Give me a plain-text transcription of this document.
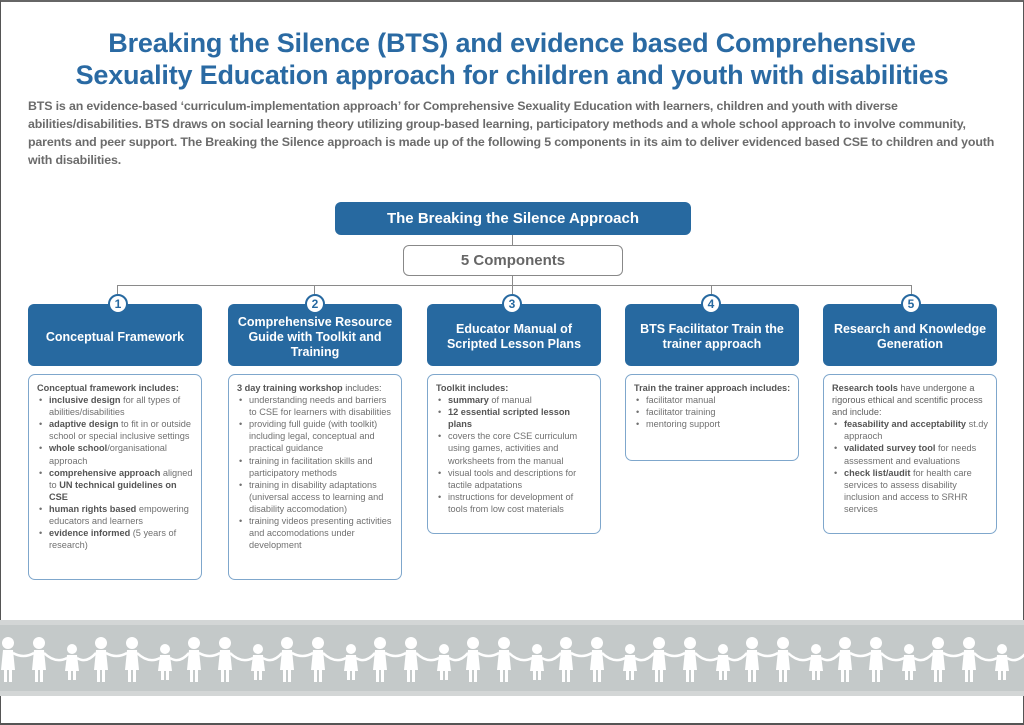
Breaking the Silence (BTS) and evidence based Comprehensive
Sexuality Education approach for children and youth with disabilities

BTS is an evidence-based ‘curriculum-implementation approach’ for Comprehensive Sexuality Education with learners, children and youth with diverse abilities/disabilities. BTS draws on social learning theory utilizing group-based learning, participatory methods and a whole school approach to involve community, parents and peer support. The Breaking the Silence approach is made up of the following 5 components in its aim to deliver evidenced based CSE to children and youth with disabilities.

The Breaking the Silence Approach
5 Components
Conceptual Framework
1
Conceptual framework includes:
• inclusive design for all types of abilities/disabilities
• adaptive design to fit in or outside school or special inclusive settings
• whole school/organisational approach
• comprehensive approach aligned to UN technical guidelines on CSE
• human rights based empowering educators and learners
• evidence informed (5 years of research)
Comprehensive Resource Guide with Toolkit and Training
2
3 day training workshop includes:
• understanding needs and barriers to CSE for learners with disabilities
• providing full guide (with toolkit) including legal, conceptual and practical guidance
• training in facilitation skills and participatory methods
• training in disability adaptations (universal access to learning and disability accomodation)
• training videos presenting activities and accomodations under development
Educator Manual of Scripted Lesson Plans
3
Toolkit includes:
• summary of manual
• 12 essential scripted lesson plans
• covers the core CSE curriculum using games, activities and worksheets from the manual
• visual tools and descriptions for tactile adpatations
• instructions for development of tools from low cost materials
BTS Facilitator Train the trainer approach
4
Train the trainer approach includes:
• facilitator manual
• facilitator training
• mentoring support
Research and Knowledge Generation
5
Research tools have undergone a rigorous ethical and scentific process and include:
• feasability and acceptability st.dy appraoch
• validated survey tool for needs assessment and evaluations
• check list/audit for health care services to assess disability inclusion and access to SRHR services
